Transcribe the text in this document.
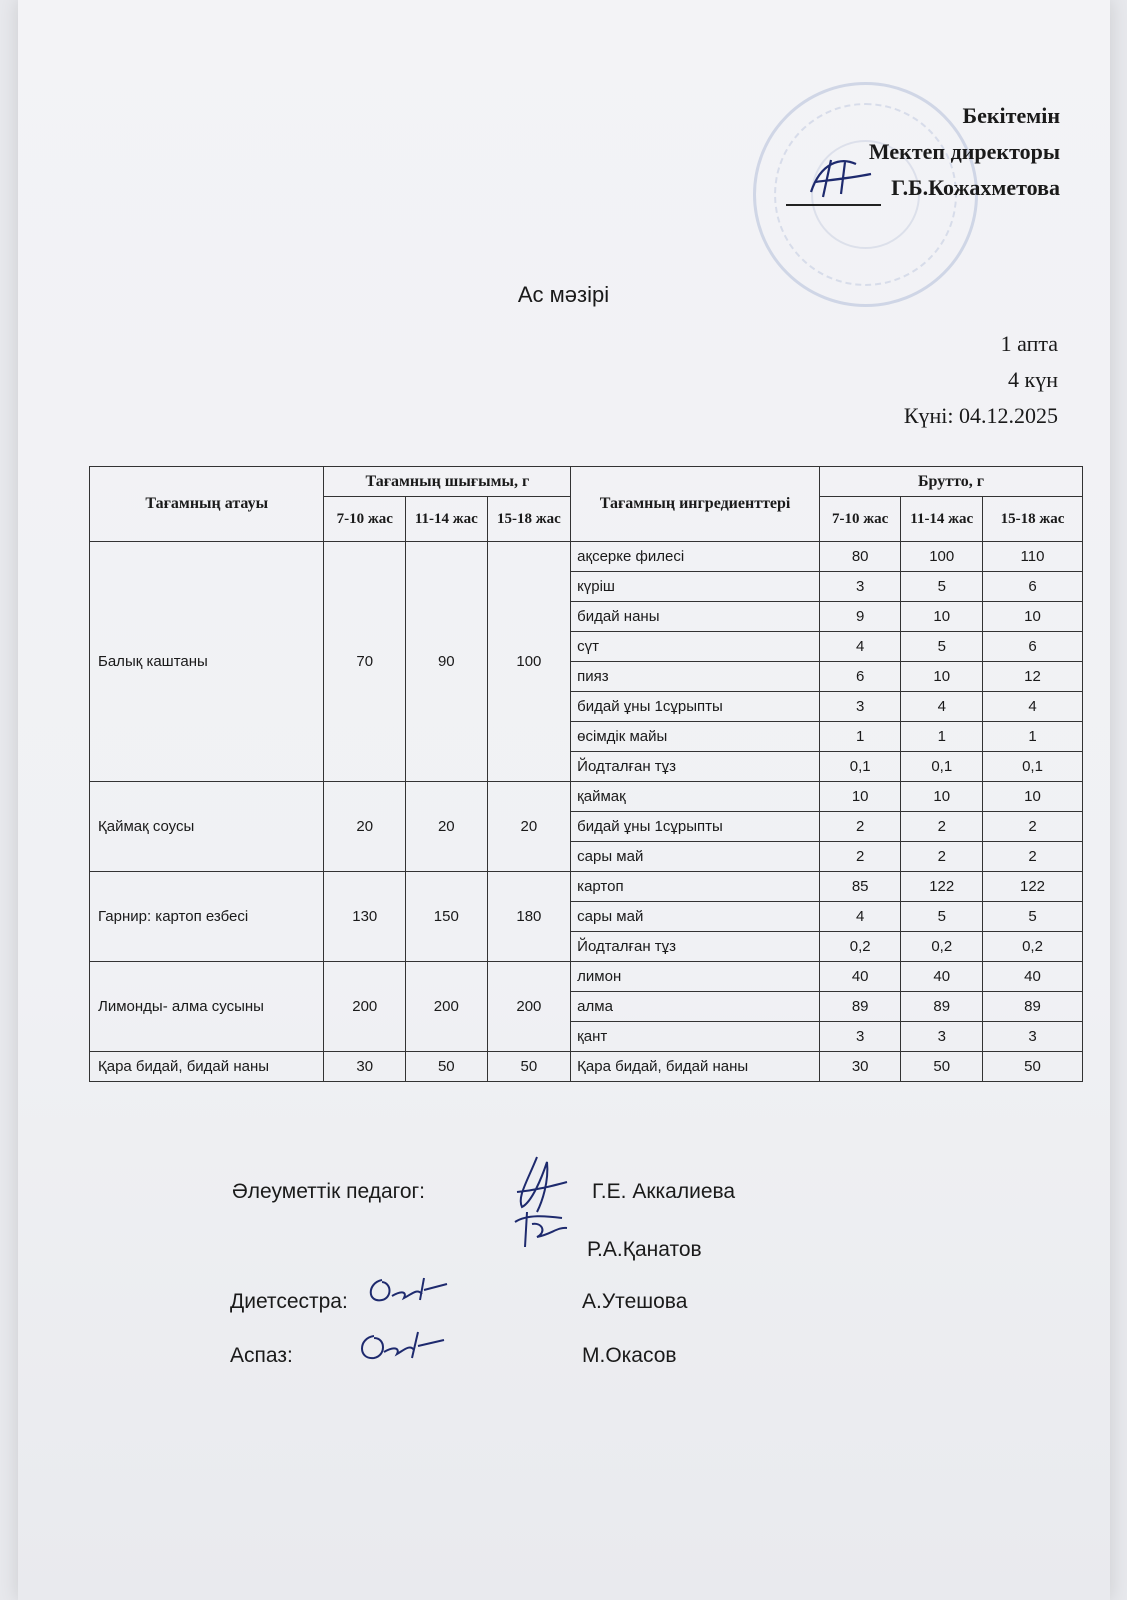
Бекітемін
Мектеп директоры
Г.Б.Кожахметова
Ас мәзірі
1 апта
4 күн
Күні: 04.12.2025
Тағамның атауы	Тағамның шығымы, г			Тағамның ингредиенттері	Брутто, г		
	7-10 жас	11-14 жас	15-18 жас		7-10 жас	11-14 жас	15-18 жас
Балық каштаны	70	90	100	ақсерке филесі	80	100	110
				күріш	3	5	6
				бидай наны	9	10	10
				сүт	4	5	6
				пияз	6	10	12
				бидай ұны 1сұрыпты	3	4	4
				өсімдік майы	1	1	1
				Йодталған тұз	0,1	0,1	0,1
Қаймақ соусы	20	20	20	қаймақ	10	10	10
				бидай ұны 1сұрыпты	2	2	2
				сары май	2	2	2
Гарнир: картоп езбесі	130	150	180	картоп	85	122	122
				сары май	4	5	5
				Йодталған тұз	0,2	0,2	0,2
Лимонды- алма сусыны	200	200	200	лимон	40	40	40
				алма	89	89	89
				қант	3	3	3
Қара бидай, бидай наны	30	50	50	Қара бидай, бидай наны	30	50	50
Әлеуметтік педагог:	Г.Е. Аккалиева
Р.А.Қанатов
Диетсестра:	А.Утешова
Аспаз:	М.Окасов
